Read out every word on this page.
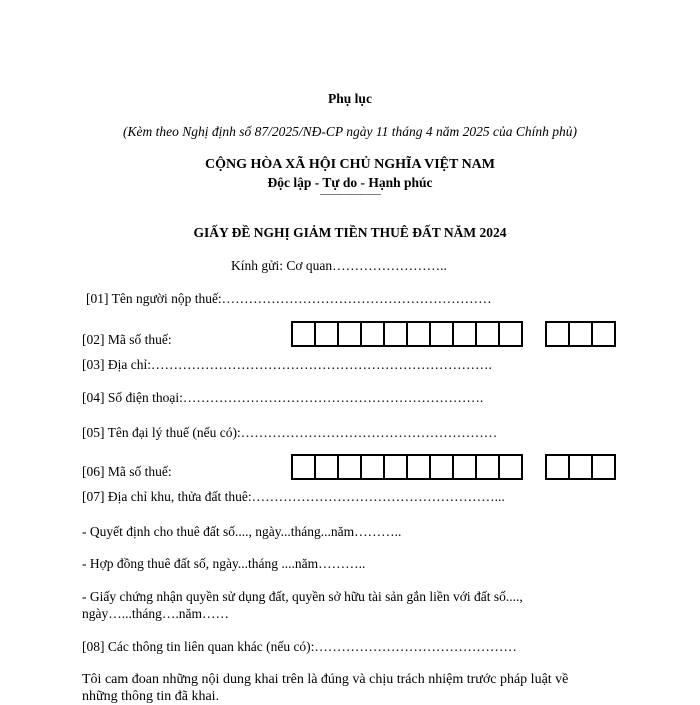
Phụ lục
(Kèm theo Nghị định số 87/2025/NĐ-CP ngày 11 tháng 4 năm 2025 của Chính phủ)
CỘNG HÒA XÃ HỘI CHỦ NGHĨA VIỆT NAM
Độc lập - Tự do - Hạnh phúc
——————
GIẤY ĐỀ NGHỊ GIẢM TIỀN THUÊ ĐẤT NĂM 2024
Kính gửi: Cơ quan……………………..
[01] Tên người nộp thuế:……………………………………………………
[02] Mã số thuế:
[03] Địa chỉ:………………………………………………………………….
[04] Số điện thoại:………………………………………………………….
[05] Tên đại lý thuế (nếu có):…………………………………………………
[06] Mã số thuế:
[07] Địa chỉ khu, thửa đất thuê:………………………………………………...
- Quyết định cho thuê đất số...., ngày...tháng...năm………..
- Hợp đồng thuê đất số, ngày...tháng ....năm………..
- Giấy chứng nhận quyền sử dụng đất, quyền sở hữu tài sản gắn liền với đất số....,
ngày…...tháng….năm……
[08] Các thông tin liên quan khác (nếu có):………………………………………
Tôi cam đoan những nội dung khai trên là đúng và chịu trách nhiệm trước pháp luật về
những thông tin đã khai.
